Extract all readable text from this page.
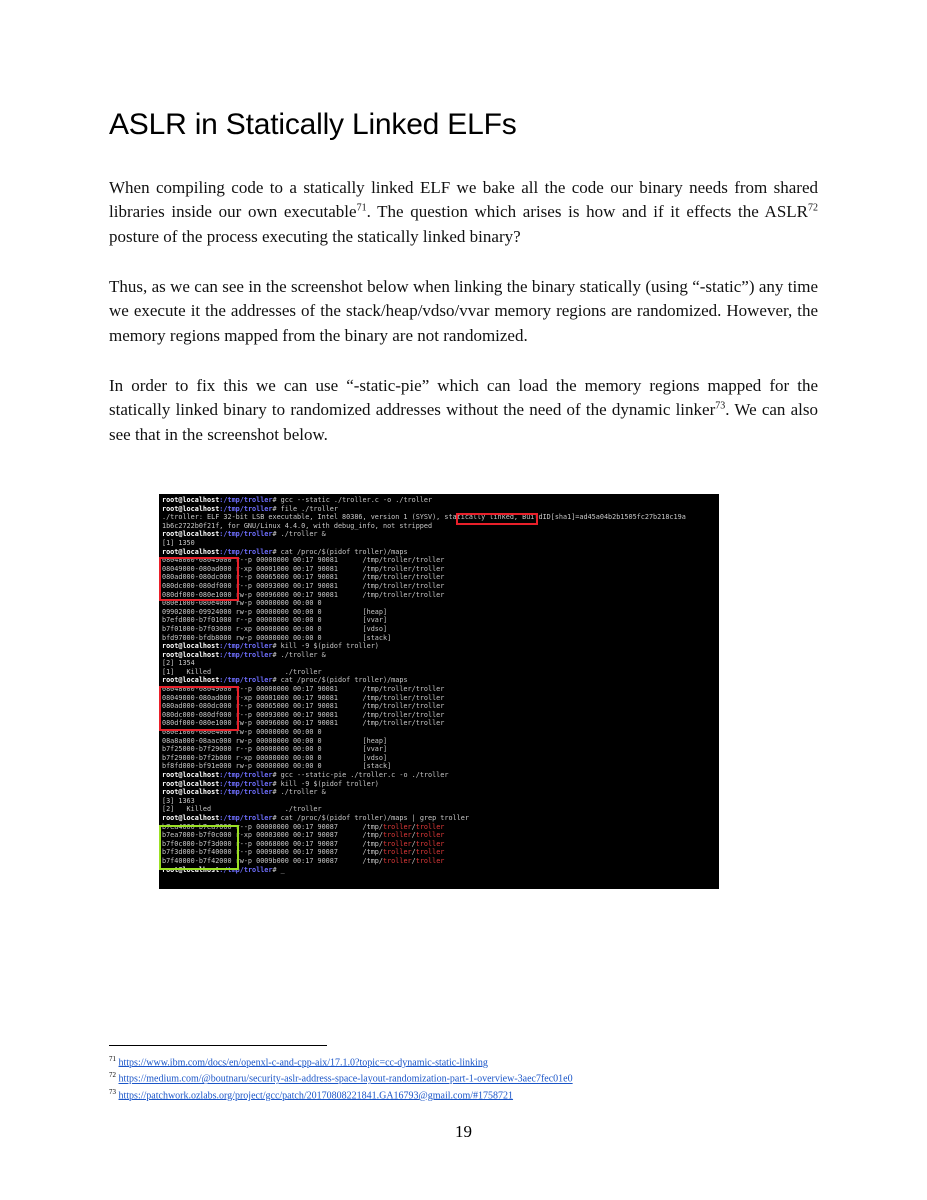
ASLR in Statically Linked ELFs

When compiling code to a statically linked ELF we bake all the code our binary needs from shared libraries inside our own executable$^{71}$. The question which arises is how and if it effects the ASLR$^{72}$ posture of the process executing the statically linked binary?

Thus, as we can see in the screenshot below when linking the binary statically (using “-static”) any time we execute it the addresses of the stack/heap/vdso/vvar memory regions are randomized. However, the memory regions mapped from the binary are not randomized.

In order to fix this we can use “-static-pie” which can load the memory regions mapped for the statically linked binary to randomized addresses without the need of the dynamic linker$^{73}$. We can also see that in the screenshot below.

root@localhost:/tmp/troller# gcc --static ./troller.c -o ./troller
root@localhost:/tmp/troller# file ./troller
./troller: ELF 32-bit LSB executable, Intel 80386, version 1 (SYSV), statically linked, BuildID[sha1]=ad45a04b2b1505fc27b218c19a
1b6c2722b0f21f, for GNU/Linux 4.4.0, with debug_info, not stripped
root@localhost:/tmp/troller# ./troller &
[1] 1350
root@localhost:/tmp/troller# cat /proc/$(pidof troller)/maps
08048000-08049000 r--p 00000000 00:17 90081      /tmp/troller/troller
08049000-080ad000 r-xp 00001000 00:17 90081      /tmp/troller/troller
080ad000-080dc000 r--p 00065000 00:17 90081      /tmp/troller/troller
080dc000-080df000 r--p 00093000 00:17 90081      /tmp/troller/troller
080df000-080e1000 rw-p 00096000 00:17 90081      /tmp/troller/troller
080e1000-080e4000 rw-p 00000000 00:00 0
09902000-09924000 rw-p 00000000 00:00 0          [heap]
b7efd000-b7f01000 r--p 00000000 00:00 0          [vvar]
b7f01000-b7f03000 r-xp 00000000 00:00 0          [vdso]
bfd97000-bfdb8000 rw-p 00000000 00:00 0          [stack]
root@localhost:/tmp/troller# kill -9 $(pidof troller)
root@localhost:/tmp/troller# ./troller &
[2] 1354
[1]   Killed                  ./troller
root@localhost:/tmp/troller# cat /proc/$(pidof troller)/maps
08048000-08049000 r--p 00000000 00:17 90081      /tmp/troller/troller
08049000-080ad000 r-xp 00001000 00:17 90081      /tmp/troller/troller
080ad000-080dc000 r--p 00065000 00:17 90081      /tmp/troller/troller
080dc000-080df000 r--p 00093000 00:17 90081      /tmp/troller/troller
080df000-080e1000 rw-p 00096000 00:17 90081      /tmp/troller/troller
080e1000-080e4000 rw-p 00000000 00:00 0
08a8a000-08aac000 rw-p 00000000 00:00 0          [heap]
b7f25000-b7f29000 r--p 00000000 00:00 0          [vvar]
b7f29000-b7f2b000 r-xp 00000000 00:00 0          [vdso]
bf8fd000-bf91e000 rw-p 00000000 00:00 0          [stack]
root@localhost:/tmp/troller# gcc --static-pie ./troller.c -o ./troller
root@localhost:/tmp/troller# kill -9 $(pidof troller)
root@localhost:/tmp/troller# ./troller &
[3] 1363
[2]   Killed                  ./troller
root@localhost:/tmp/troller# cat /proc/$(pidof troller)/maps | grep troller
b7ea4000-b7ea7000 r--p 00000000 00:17 90087      /tmp/troller/troller
b7ea7000-b7f0c000 r-xp 00003000 00:17 90087      /tmp/troller/troller
b7f0c000-b7f3d000 r--p 00068000 00:17 90087      /tmp/troller/troller
b7f3d000-b7f40000 r--p 00098000 00:17 90087      /tmp/troller/troller
b7f40000-b7f42000 rw-p 0009b000 00:17 90087      /tmp/troller/troller
root@localhost:/tmp/troller# _
$^{71}$ https://www.ibm.com/docs/en/openxl-c-and-cpp-aix/17.1.0?topic=cc-dynamic-static-linking
$^{72}$ https://medium.com/@boutnaru/security-aslr-address-space-layout-randomization-part-1-overview-3aec7fec01e0
$^{73}$ https://patchwork.ozlabs.org/project/gcc/patch/20170808221841.GA16793@gmail.com/#1758721
19
